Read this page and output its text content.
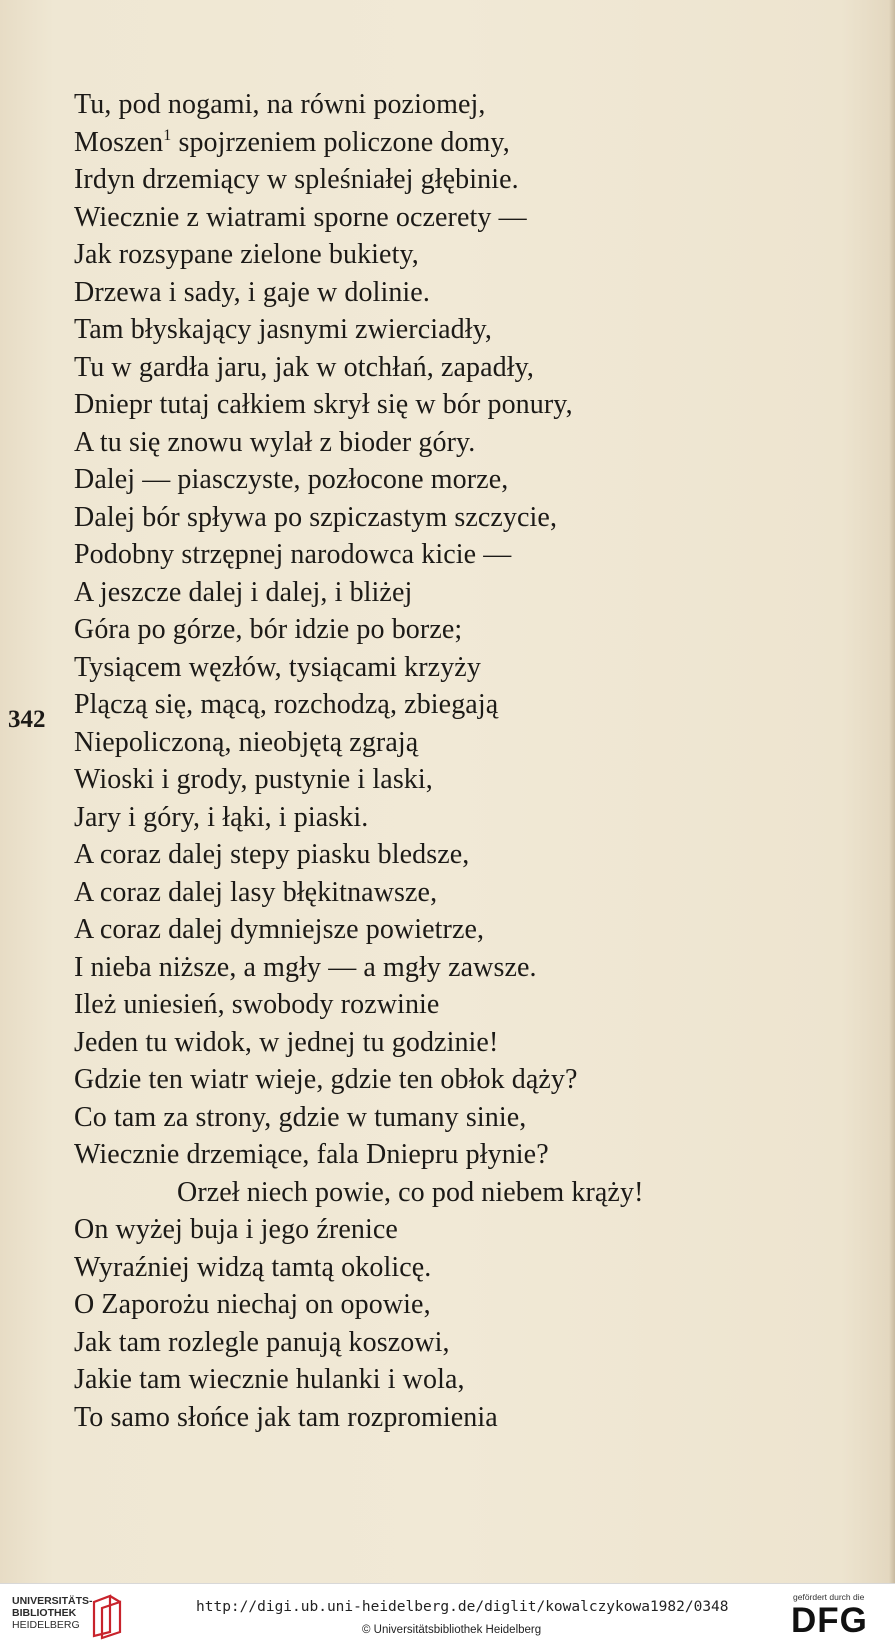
342
Tu, pod nogami, na równi poziomej,
Moszen$^1$ spojrzeniem policzone domy,
Irdyn drzemiący w spleśniałej głębinie.
Wiecznie z wiatrami sporne oczerety —
Jak rozsypane zielone bukiety,
Drzewa i sady, i gaje w dolinie.
Tam błyskający jasnymi zwierciadły,
Tu w gardła jaru, jak w otchłań, zapadły,
Dniepr tutaj całkiem skrył się w bór ponury,
A tu się znowu wylał z bioder góry.
Dalej — piasczyste, pozłocone morze,
Dalej bór spływa po szpiczastym szczycie,
Podobny strzępnej narodowca kicie —
A jeszcze dalej i dalej, i bliżej
Góra po górze, bór idzie po borze;
Tysiącem węzłów, tysiącami krzyży
Plączą się, mącą, rozchodzą, zbiegają
Niepoliczoną, nieobjętą zgrają
Wioski i grody, pustynie i laski,
Jary i góry, i łąki, i piaski.
A coraz dalej stepy piasku bledsze,
A coraz dalej lasy błękitnawsze,
A coraz dalej dymniejsze powietrze,
I nieba niższe, a mgły — a mgły zawsze.
Ileż uniesień, swobody rozwinie
Jeden tu widok, w jednej tu godzinie!
Gdzie ten wiatr wieje, gdzie ten obłok dąży?
Co tam za strony, gdzie w tumany sinie,
Wiecznie drzemiące, fala Dniepru płynie?
Orzeł niech powie, co pod niebem krąży!
On wyżej buja i jego źrenice
Wyraźniej widzą tamtą okolicę.
O Zaporożu niechaj on opowie,
Jak tam rozlegle panują koszowi,
Jakie tam wiecznie hulanki i wola,
To samo słońce jak tam rozpromienia
UNIVERSITÄTS-
BIBLIOTHEK
HEIDELBERG
http://digi.ub.uni-heidelberg.de/diglit/kowalczykowa1982/0348
© Universitätsbibliothek Heidelberg
gefördert durch die
DFG
